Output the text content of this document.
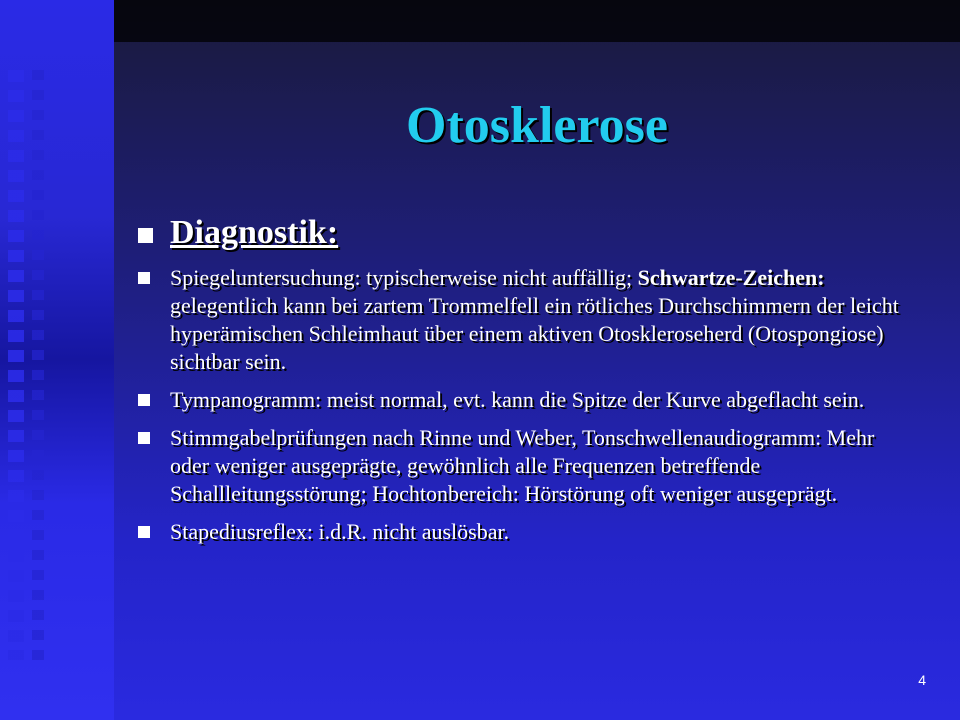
Otosklerose
Diagnostik:
Spiegeluntersuchung: typischerweise nicht auffällig; Schwartze-Zeichen: gelegentlich kann bei zartem Trommelfell ein rötliches Durchschimmern der leicht hyperämischen Schleimhaut über einem aktiven Otoskleroseherd (Otospongiose) sichtbar sein.
Tympanogramm: meist normal, evt. kann die Spitze der Kurve abgeflacht sein.
Stimmgabelprüfungen nach Rinne und Weber, Tonschwellenaudiogramm: Mehr oder weniger ausgeprägte, gewöhnlich alle Frequenzen betreffende Schallleitungsstörung; Hochtonbereich: Hörstörung oft weniger ausgeprägt.
Stapediusreflex: i.d.R. nicht auslösbar.
4
